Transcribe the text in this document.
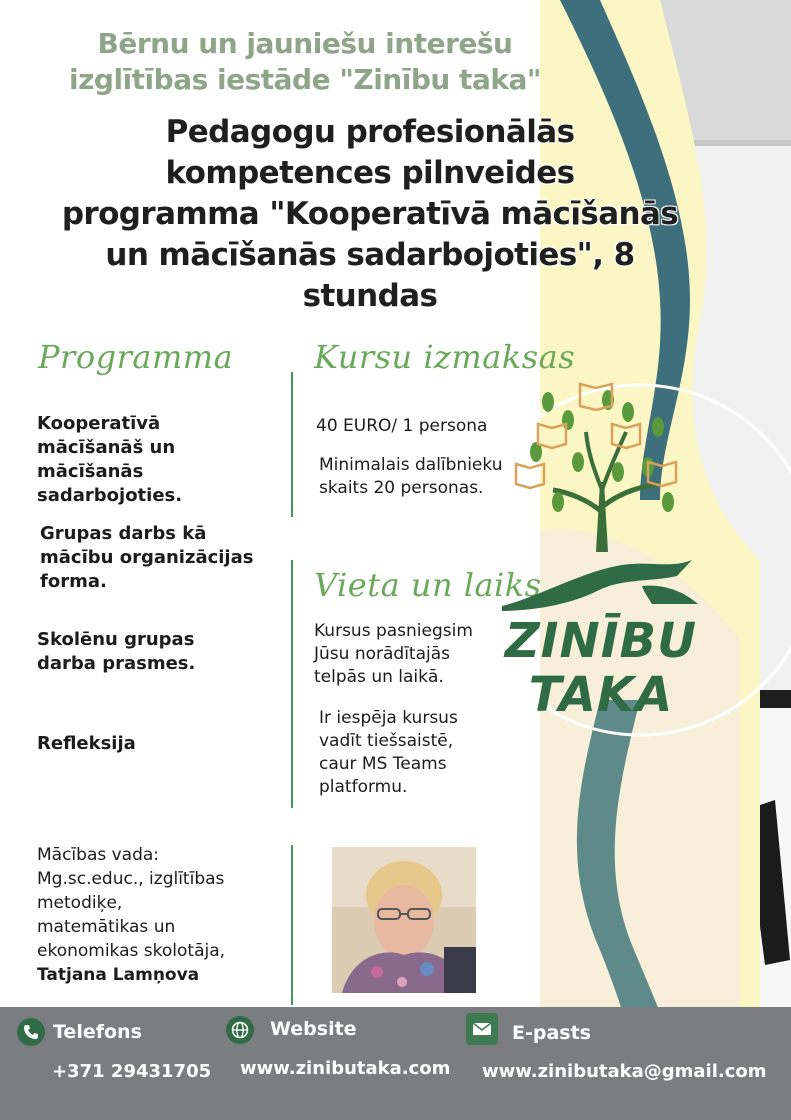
Bērnu un jauniešu interešu
izglītības iestāde "Zinību taka"
Pedagogu profesionālās
kompetences pilnveides
programma "Kooperatīvā mācīšanās
un mācīšanās sadarbojoties", 8
stundas
Programma	Kursu izmaksas
Kooperatīvā
mācīšanāš un
mācīšanās
sadarbojoties.
Grupas darbs kā
mācību organizācijas
forma.
Skolēnu grupas
darba prasmes.
Refleksija
40 EURO/ 1 persona
Minimalais dalībnieku
skaits 20 personas.
Vieta un laiks
Kursus pasniegsim
Jūsu norādītajās
telpās un laikā.
Ir iespēja kursus
vadīt tiešsaistē,
caur MS Teams
platformu.
ZINĪBU
TAKA
Mācības vada:
Mg.sc.educ., izglītības
metodiķe,
matemātikas un
ekonomikas skolotāja,
Tatjana Lamņova
Telefons
+371 29431705
Website
www.zinibutaka.com
E-pasts
www.zinibutaka@gmail.com
